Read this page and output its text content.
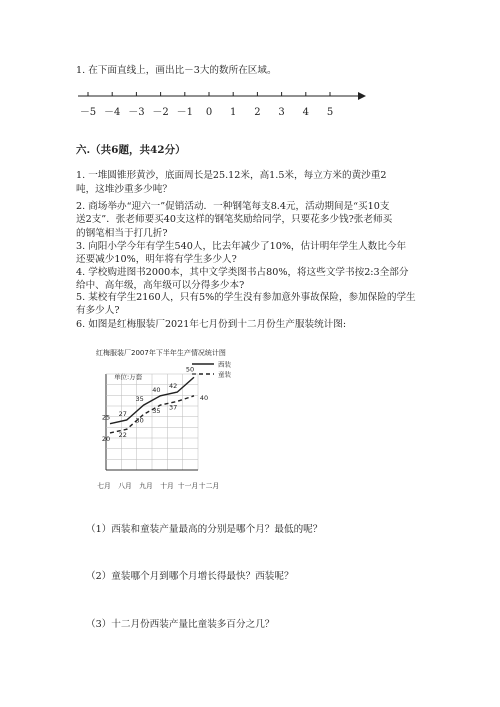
1. 在下面直线上，画出比－3大的数所在区域。
－5 －4 －3 －2 －1 0 1 2 3 4 5
六.（共6题，共42分）
1. 一堆圆锥形黄沙，底面周长是25.12米，高1.5米，每立方米的黄沙重2
吨，这堆沙重多少吨？
2. 商场举办“迎六一”促销活动．一种钢笔每支8.4元，活动期间是“买10支
送2支”．张老师要买40支这样的钢笔奖励给同学，只要花多少钱?张老师买
的钢笔相当于打几折?
3. 向阳小学今年有学生540人，比去年减少了10%，估计明年学生人数比今年
还要减少10%，明年将有学生多少人?
4. 学校购进图书2000本，其中文学类图书占80%，将这些文学书按2:3全部分
给中、高年级，高年级可以分得多少本?
5. 某校有学生2160人，只有5%的学生没有参加意外事故保险，参加保险的学生
有多少人?
6. 如图是红梅服装厂2021年七月份到十二月份生产服装统计图:
红梅服装厂2007年下半年生产情况统计图
单位:万套
西装
童装
25 27
35
40 42
50
20 22
30
35 37
40
七月 八月 九月 十月 十一月 十二月
（1）西装和童装产量最高的分别是哪个月？最低的呢？
（2）童装哪个月到哪个月增长得最快？西装呢？
（3）十二月份西装产量比童装多百分之几？
